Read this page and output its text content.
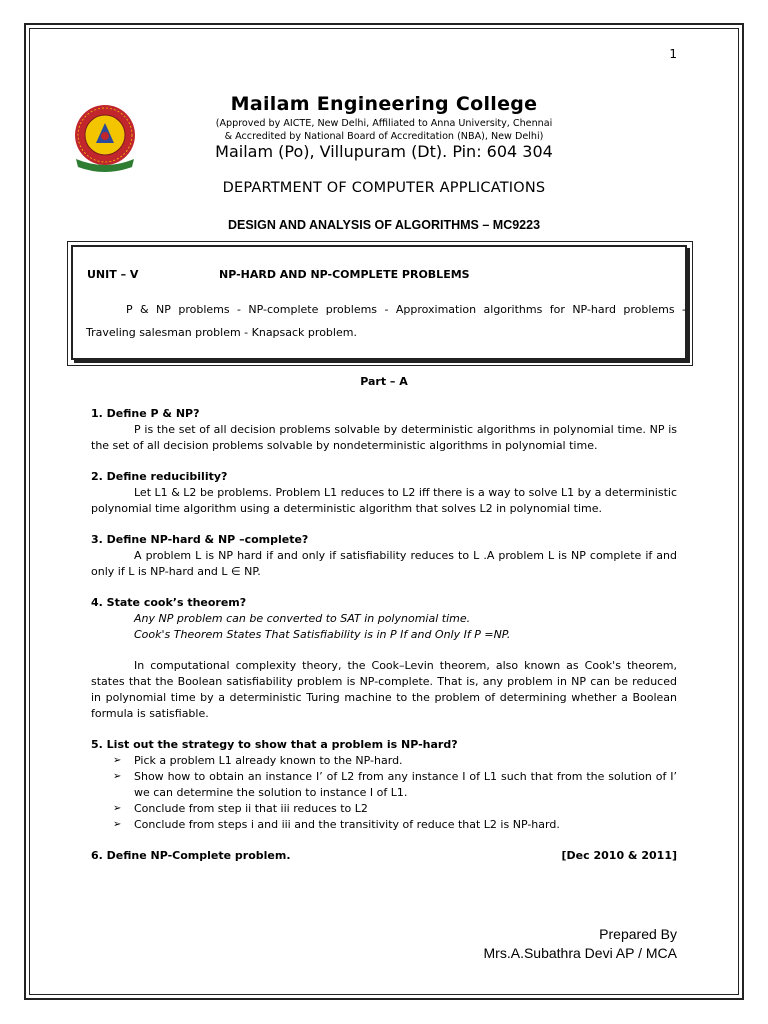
1
Mailam Engineering College
(Approved by AICTE, New Delhi, Affiliated to Anna University, Chennai
& Accredited by National Board of Accreditation (NBA), New Delhi)
Mailam (Po), Villupuram (Dt). Pin: 604 304
DEPARTMENT OF COMPUTER APPLICATIONS
DESIGN AND ANALYSIS OF ALGORITHMS – MC9223
UNIT – V	NP-HARD AND NP-COMPLETE PROBLEMS
P & NP problems - NP-complete problems - Approximation algorithms for NP-hard problems - Traveling salesman problem - Knapsack problem.
Part – A

1. Define P & NP?

P is the set of all decision problems solvable by deterministic algorithms in polynomial time. NP is the set of all decision problems solvable by nondeterministic algorithms in polynomial time.

2. Define reducibility?

Let L1 & L2 be problems. Problem L1 reduces to L2 iff there is a way to solve L1 by a deterministic polynomial time algorithm using a deterministic algorithm that solves L2 in polynomial time.

3. Define NP-hard & NP –complete?

A problem L is NP hard if and only if satisfiability reduces to L .A problem L is NP complete if and only if L is NP-hard and L ∈ NP.

4. State cook’s theorem?

Any NP problem can be converted to SAT in polynomial time.

Cook's Theorem States That Satisfiability is in P If and Only If P =NP.

In computational complexity theory, the Cook–Levin theorem, also known as Cook's theorem, states that the Boolean satisfiability problem is NP-complete. That is, any problem in NP can be reduced in polynomial time by a deterministic Turing machine to the problem of determining whether a Boolean formula is satisfiable.

5. List out the strategy to show that a problem is NP-hard?

➢ Pick a problem L1 already known to the NP-hard.
➢ Show how to obtain an instance I’ of L2 from any instance I of L1 such that from the solution of I’ we can determine the solution to instance I of L1.
➢ Conclude from step ii that iii reduces to L2
➢ Conclude from steps i and iii and the transitivity of reduce that L2 is NP-hard.
6. Define NP-Complete problem.	[Dec 2010 & 2011]
Prepared By
Mrs.A.Subathra Devi AP / MCA
